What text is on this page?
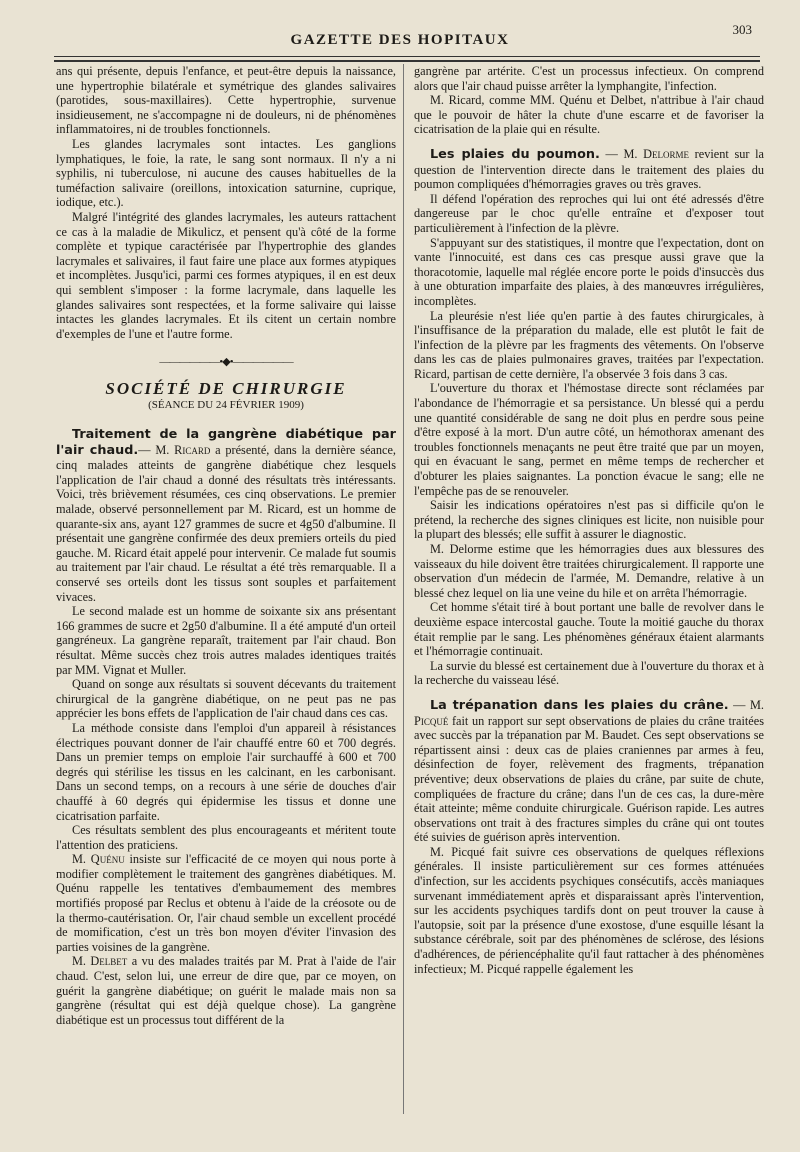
GAZETTE DES HOPITAUX
303

ans qui présente, depuis l'enfance, et peut-être depuis la naissance, une hypertrophie bilatérale et symétrique des glandes salivaires (parotides, sous-maxillaires). Cette hypertrophie, survenue insidieusement, ne s'accompagne ni de douleurs, ni de phénomènes inflammatoires, ni de troubles fonctionnels.

Les glandes lacrymales sont intactes. Les ganglions lymphatiques, le foie, la rate, le sang sont normaux. Il n'y a ni syphilis, ni tuberculose, ni aucune des causes habituelles de la tuméfaction salivaire (oreillons, intoxication saturnine, cuprique, iodique, etc.).

Malgré l'intégrité des glandes lacrymales, les auteurs rattachent ce cas à la maladie de Mikulicz, et pensent qu'à côté de la forme complète et typique caractérisée par l'hypertrophie des glandes lacrymales et salivaires, il faut faire une place aux formes atypiques et incomplètes. Jusqu'ici, parmi ces formes atypiques, il en est deux qui semblent s'imposer : la forme lacrymale, dans laquelle les glandes salivaires sont respectées, et la forme salivaire qui laisse intactes les glandes lacrymales. Et ils citent un certain nombre d'exemples de l'une et l'autre forme.

——————•◆•——————
SOCIÉTÉ DE CHIRURGIE
(SÉANCE DU 24 FÉVRIER 1909)

Traitement de la gangrène diabétique par l'air chaud.— M. Ricard a présenté, dans la dernière séance, cinq malades atteints de gangrène diabétique chez lesquels l'application de l'air chaud a donné des résultats très intéressants. Voici, très brièvement résumées, ces cinq observations. Le premier malade, observé personnellement par M. Ricard, est un homme de quarante-six ans, ayant 127 grammes de sucre et 4g50 d'albumine. Il présentait une gangrène confirmée des deux premiers orteils du pied gauche. M. Ricard était appelé pour intervenir. Ce malade fut soumis au traitement par l'air chaud. Le résultat a été très remarquable. Il a conservé ses orteils dont les tissus sont souples et parfaitement vivaces.

Le second malade est un homme de soixante six ans présentant 166 grammes de sucre et 2g50 d'albumine. Il a été amputé d'un orteil gangréneux. La gangrène reparaît, traitement par l'air chaud. Bon résultat. Même succès chez trois autres malades identiques traités par MM. Vignat et Muller.

Quand on songe aux résultats si souvent décevants du traitement chirurgical de la gangrène diabétique, on ne peut pas ne pas apprécier les bons effets de l'application de l'air chaud dans ces cas.

La méthode consiste dans l'emploi d'un appareil à résistances électriques pouvant donner de l'air chauffé entre 60 et 700 degrés. Dans un premier temps on emploie l'air surchauffé à 600 et 700 degrés qui stérilise les tissus en les calcinant, en les carbonisant. Dans un second temps, on a recours à une série de douches d'air chauffé à 60 degrés qui épidermise les tissus et donne une cicatrisation parfaite.

Ces résultats semblent des plus encourageants et méritent toute l'attention des praticiens.

M. Quénu insiste sur l'efficacité de ce moyen qui nous porte à modifier complètement le traitement des gangrènes diabétiques. M. Quénu rappelle les tentatives d'embaumement des membres mortifiés proposé par Reclus et obtenu à l'aide de la créosote ou de la thermo-cautérisation. Or, l'air chaud semble un excellent procédé de momification, c'est un très bon moyen d'éviter l'invasion des parties voisines de la gangrène.

M. Delbet a vu des malades traités par M. Prat à l'aide de l'air chaud. C'est, selon lui, une erreur de dire que, par ce moyen, on guérit la gangrène diabétique; on guérit le malade mais non sa gangrène (résultat qui est déjà quelque chose). La gangrène diabétique est un processus tout différent de la

gangrène par artérite. C'est un processus infectieux. On comprend alors que l'air chaud puisse arrêter la lymphangite, l'infection.

M. Ricard, comme MM. Quénu et Delbet, n'attribue à l'air chaud que le pouvoir de hâter la chute d'une escarre et de favoriser la cicatrisation de la plaie qui en résulte.

Les plaies du poumon. — M. Delorme revient sur la question de l'intervention directe dans le traitement des plaies du poumon compliquées d'hémorragies graves ou très graves.

Il défend l'opération des reproches qui lui ont été adressés d'être dangereuse par le choc qu'elle entraîne et d'exposer tout particulièrement à l'infection de la plèvre.

S'appuyant sur des statistiques, il montre que l'expectation, dont on vante l'innocuité, est dans ces cas presque aussi grave que la thoracotomie, laquelle mal réglée encore porte le poids d'insuccès dus à une obturation imparfaite des plaies, à des manœuvres irrégulières, incomplètes.

La pleurésie n'est liée qu'en partie à des fautes chirurgicales, à l'insuffisance de la préparation du malade, elle est plutôt le fait de l'infection de la plèvre par les fragments des vêtements. On l'observe dans les cas de plaies pulmonaires graves, traitées par l'expectation. Ricard, partisan de cette dernière, l'a observée 3 fois dans 3 cas.

L'ouverture du thorax et l'hémostase directe sont réclamées par l'abondance de l'hémorragie et sa persistance. Un blessé qui a perdu une quantité considérable de sang ne doit plus en perdre sous peine d'être exposé à la mort. D'un autre côté, un hémothorax amenant des troubles fonctionnels menaçants ne peut être traité que par un moyen, qui en évacuant le sang, permet en même temps de rechercher et d'obturer les plaies saignantes. La ponction évacue le sang; elle ne l'empêche pas de se renouveler.

Saisir les indications opératoires n'est pas si difficile qu'on le prétend, la recherche des signes cliniques est licite, non nuisible pour la plupart des blessés; elle suffit à assurer le diagnostic.

M. Delorme estime que les hémorragies dues aux blessures des vaisseaux du hile doivent être traitées chirurgicalement. Il rapporte une observation d'un médecin de l'armée, M. Demandre, relative à un blessé chez lequel on lia une veine du hile et on arrêta l'hémorragie.

Cet homme s'était tiré à bout portant une balle de revolver dans le deuxième espace intercostal gauche. Toute la moitié gauche du thorax était remplie par le sang. Les phénomènes généraux étaient alarmants et l'hémorragie continuait.

La survie du blessé est certainement due à l'ouverture du thorax et à la recherche du vaisseau lésé.

La trépanation dans les plaies du crâne. — M. Picqué fait un rapport sur sept observations de plaies du crâne traitées avec succès par la trépanation par M. Baudet. Ces sept observations se répartissent ainsi : deux cas de plaies craniennes par armes à feu, désinfection de foyer, relèvement des fragments, trépanation préventive; deux observations de plaies du crâne, par suite de chute, compliquées de fracture du crâne; dans l'un de ces cas, la dure-mère était atteinte; même conduite chirurgicale. Guérison rapide. Les autres observations ont trait à des fractures simples du crâne qui ont toutes été suivies de guérison après intervention.

M. Picqué fait suivre ces observations de quelques réflexions générales. Il insiste particulièrement sur ces formes atténuées d'infection, sur les accidents psychiques consécutifs, accès maniaques survenant immédiatement après et disparaissant après l'intervention, sur les accidents psychiques tardifs dont on peut trouver la cause à l'autopsie, soit par la présence d'une exostose, d'une esquille lésant la substance cérébrale, soit par des phénomènes de sclérose, des lésions d'adhérences, de périencéphalite qu'il faut rattacher à des phénomènes infectieux; M. Picqué rappelle également les
